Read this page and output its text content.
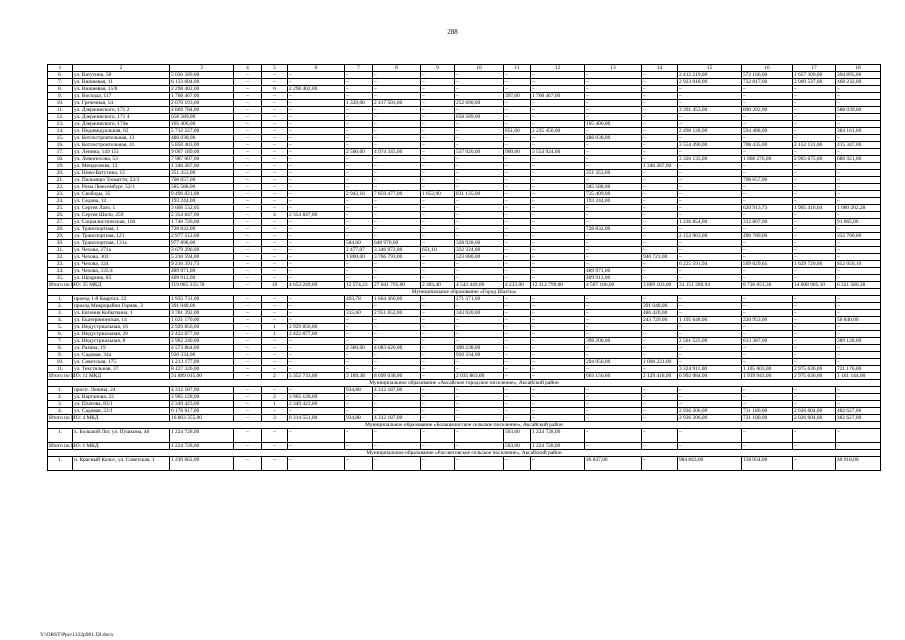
288
1	2	3	4	5	6	7	8	9	10	11	12	13	14	15	16	17	18
6.	ул. Ватутина, 58	5 036 589,00	–	–	–	–	–	–	–	–	–	–	–	2 412 219,00	572 166,00	1 657 309,00	394 895,00
7.	ул. Вишневая, 11	6 133 604,00	–	–	–	–	–	–	–	–	–	–	–	2 923 018,00	732 817,00	2 009 537,00	468 232,00
8.	ул. Вишневая, 15/8	2 298 402,00	–	6	2 298 402,00	–	–	–	–	–	–	–	–	–	–	–	–
9.	ул. Восхода, 117	1 768 467,00	–	–	–	–	–	–	–	397,00	1 768 467,00	–	–	–	–	–	–
10.	ул. Гречечная, 54	2 670 193,00	–	–	–	1 320,00	2 417 503,00	–	252 690,00	–	–	–	–	–	–	–	–
11.	ул. Дзержинского, 171 2	4 869 784,00	–	–	–	–	–	–	–	–	–	–	–	3 391 453,00	890 292,00	–	588 039,00
12.	ул. Дзержинского, 171 4	658 589,00	–	–	–	–	–	–	658 589,00	–	–	–	–	–	–	–	–
13.	ул. Дзержинского, 174в	105 406,00	–	–	–	–	–	–	–	–	–	105 406,00	–	–	–	–	–
14.	ул. Индивидуальная, 62	5 712 227,00	–	–	–	–	–	–	–	851,00	2 235 450,00	–	–	2 498 128,00	594 488,00	–	384 161,00
15.	ул. Котлостроительная, 13	486 038,00	–	–	–	–	–	–	–	–	–	486 038,00	–	–	–	–	–
16.	ул. Котлостроительная, 31	5 850 403,00	–	–	–	–	–	–	–	–	–	–	–	3 554 490,00	708 435,00	2 152 131,00	415 347,00
17.	ул. Ленина, 149 151	9 067 189,00	–	–	–	2 500,00	4 974 345,00	–	537 920,00	900,00	3 554 924,00	–	–	–	–	–	–
18.	ул. Ломоносова, 53	7 987 007,00	–	–	–	–	–	–	–	–	–	–	–	3 326 135,00	1 068 276,00	2 905 675,00	686 921,00
19.	ул. Менделеева, 12	1 346 367,00	–	–	–	–	–	–	–	–	–	–	1 346 367,00	–	–	–	–
20.	ул. Ново-Ватутина, 15	351 353,00	–	–	–	–	–	–	–	–	–	351 353,00	–	–	–	–	–
21.	ул. Пальмиро Тольятти, 22/3	708 657,00	–	–	–	–	–	–	–	–	–	–	–	–	708 657,00	–	–
22.	ул. Розы Люксембург, 52/1	585 588,00	–	–	–	–	–	–	–	–	–	585 588,00	–	–	–	–	–
23.	ул. Свободы, 35	9 496 021,00	–	–	–	2 942,16	7 859 477,00	1 652,00	831 135,00	–	–	735 409,00	–	–	–	–	–
24.	ул. Седова, 12	193 244,00	–	–	–	–	–	–	–	–	–	193 244,00	–	–	–	–	–
25.	ул. Сергея Лазо, 1	3 606 532,05	–	–	–	–	–	–	–	–	–	–	–	–	620 913,73	1 905 416,04	1 080 202,28
26.	ул. Сергея Шило, 259	2 354 847,00	–	4	2 354 847,00	–	–	–	–	–	–	–	–	–	–	–	–
27.	ул. Социалистическая, 160	1 740 726,00	–	–	–	–	–	–	–	–	–	–	–	1 336 854,00	312 807,00	–	91 065,00
28.	ул. Транспортная, 1	728 832,00	–	–	–	–	–	–	–	–	–	728 832,00	–	–	–	–	–
29.	ул. Транспортная, 121	2 977 512,00	–	–	–	–	–	–	–	–	–	–	–	2 153 963,00	490 789,00	–	332 760,00
30.	ул. Транспортная, 131а	977 898,00	–	–	–	584,00	648 970,00	–	328 928,00	–	–	–	–	–	–	–	–
31.	ул. Чехова, 271а	3 679 296,00	–	–	–	2 477,07	3 346 972,00	651,10	332 324,00	–	–	–	–	–	–	–	–
32.	ул. Чехова, 303	5 230 594,00	–	–	–	1 800,00	3 766 793,00	–	523 080,00	–	–	–	940 721,00	–	–	–	–
33.	ул. Чехова, 324	9 216 391,73	–	–	–	–	–	–	–	–	–	–	–	6 225 591,94	509 029,65	1 629 720,06	852 050,10
34.	ул. Чехова, 335/4	489 971,00	–	–	–	–	–	–	–	–	–	489 971,00	–	–	–	–	–
35.	ул. Щедрина, 85	409 912,00	–	–	–	–	–	–	–	–	–	409 912,00	–	–	–	–	–
Итого по МО: 35 МКД		119 085 333,78	–	10	4 653 249,00	12 574,23	27 041 795,00	2 303,40	4 543 449,00	4 233,00	12 312 799,00	4 507 106,00	3 809 103,00	33 151 289,94	8 736 051,36	14 008 905,10	6 321 586,38
Муниципальное образование «Город Шахты»																	
1.	проезд 1-й Квартал, 22	1 935 731,00	–	–	–	493,78	1 664 360,00	–	271 371,00	–	–	–	–	–	–	–	–
2.	проезд Микрорайон Горняк, 3	391 048,00	–	–	–	–	–	–	–	–	–	–	391 048,00	–	–	–	–
3.	ул. Евгения Кобыткина, 1	3 781 392,00	–	–	–	315,60	2 951 052,00	–	343 920,00	–	–	–	486 420,00	–	–	–	–
4.	ул. Екатерининская, 14	1 621 170,00	–	–	–	–	–	–	–	–	–	–	243 729,00	1 105 648,00	220 953,00	–	50 840,00
5.	ул. Индустриальная, 16	2 929 856,00	–	1	2 929 856,00	–	–	–	–	–	–	–	–	–	–	–	–
6.	ул. Индустриальная, 20	2 422 877,00	–	1	2 422 877,00	–	–	–	–	–	–	–	–	–	–	–	–
7.	ул. Индустриальная, 8	3 962 240,00	–	–	–	–	–	–	–	–	–	398 200,00	–	2 561 525,00	613 387,00	–	389 128,00
8.	ул. Разина, 19	4 573 864,00	–	–	–	2 380,00	4 083 626,00	–	490 238,00	–	–	–	–	–	–	–	–
9.	ул. Садовая, 34а	930 334,00	–	–	–	–	–	–	930 334,00	–	–	–	–	–	–	–	–
10.	ул. Советская, 175	1 213 177,00	–	–	–	–	–	–	–	–	–	204 956,00	1 008 221,00	–	–	–	–
11.	ул. Текстильная, 37	8 127 326,00	–	–	–	–	–	–	–	–	–	–	–	3 324 911,00	1 105 603,00	2 975 636,00	721 176,00
Итого по МО: 11 МКД		31 889 015,00	–	2	5 352 733,00	3 189,38	8 699 038,00	–	2 035 863,00	–	–	603 156,00	2 129 418,00	6 992 084,00	1 939 943,00	2 975 636,00	1 161 144,00
Муниципальное образование «Аксайское городское поселение», Аксайский район																	
1.	просп. Ленина, 24	4 312 187,00	–	–	–	934,88	4 312 187,00	–	–	–	–	–	–	–	–	–	–
2.	ул. Вартанова, 22	3 965 128,00	–	2	3 965 128,00	–	–	–	–	–	–	–	–	–	–	–	–
3.	ул. Платова, 83/1	2 349 423,00	–	1	2 349 423,00	–	–	–	–	–	–	–	–	–	–	–	–
4.	ул. Садовая, 22/1	6 176 617,00	–	–	–	–	–	–	–	–	–	–	–	2 936 206,00	731 180,00	2 026 604,00	482 627,00
Итого по МО: 4 МКД		16 803 355,00	–	3	6 314 551,00	934,88	4 312 187,00	–	–	–	–	–	–	2 936 206,00	731 180,00	2 026 604,00	482 627,00
Муниципальное образование «Большелогское сельское поселение», Аксайский район																	
1.	х. Большой Лог, ул. Пушкина, 46	1 224 728,00	–	–	–	–	–	–	–	503,00	1 224 728,00	–	–	–	–	–	–
Итого по МО: 1 МКД		1 224 728,00	–	–	–	–	–	–	–	503,00	1 224 728,00	–	–	–	–	–	–
Муниципальное образование «Рассветовское сельское поселение», Аксайский район																	
1.	п. Красный Колос, ул. Советская, 1	1 230 662,00	–	–	–	–	–	–	–	–	–	46 847,00	–	984 843,00	158 054,00	–	40 918,00
Y:\ORST\Ppo\1122p961.f2l.docx
